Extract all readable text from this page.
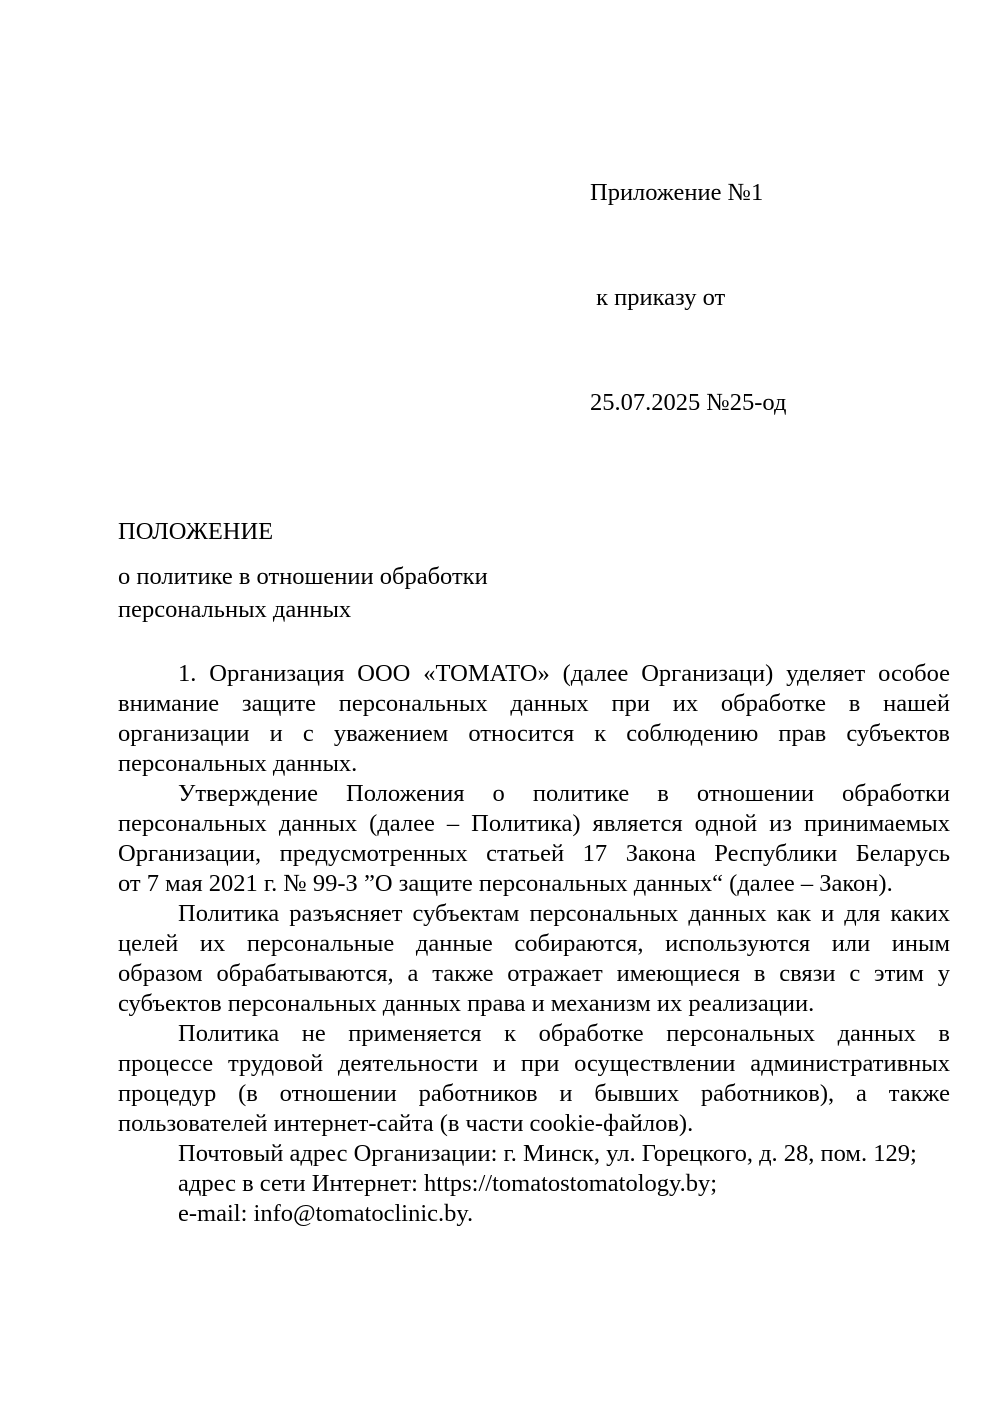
Приложение №1

к приказу от

25.07.2025 №25-од

ПОЛОЖЕНИЕ
о политике в отношении обработки
персональных данных
1. Организация ООО «ТОМАТО» (далее Организаци) уделяет особое
внимание защите персональных данных при их обработке в нашей
организации и с уважением относится к соблюдению прав субъектов
персональных данных.
Утверждение Положения о политике в отношении обработки
персональных данных (далее – Политика) является одной из принимаемых
Организации, предусмотренных статьей 17 Закона Республики Беларусь
от 7 мая 2021 г. № 99-З ”О защите персональных данных“ (далее – Закон).
Политика разъясняет субъектам персональных данных как и для каких
целей их персональные данные собираются, используются или иным
образом обрабатываются, а также отражает имеющиеся в связи с этим у
субъектов персональных данных права и механизм их реализации.
Политика не применяется к обработке персональных данных в
процессе трудовой деятельности и при осуществлении административных
процедур (в отношении работников и бывших работников), а также
пользователей интернет-сайта (в части cookie-файлов).
Почтовый адрес Организации: г. Минск, ул. Горецкого, д. 28, пом. 129;
адрес в сети Интернет: https://tomatostomatology.by;
e-mail: info@tomatoclinic.by.
